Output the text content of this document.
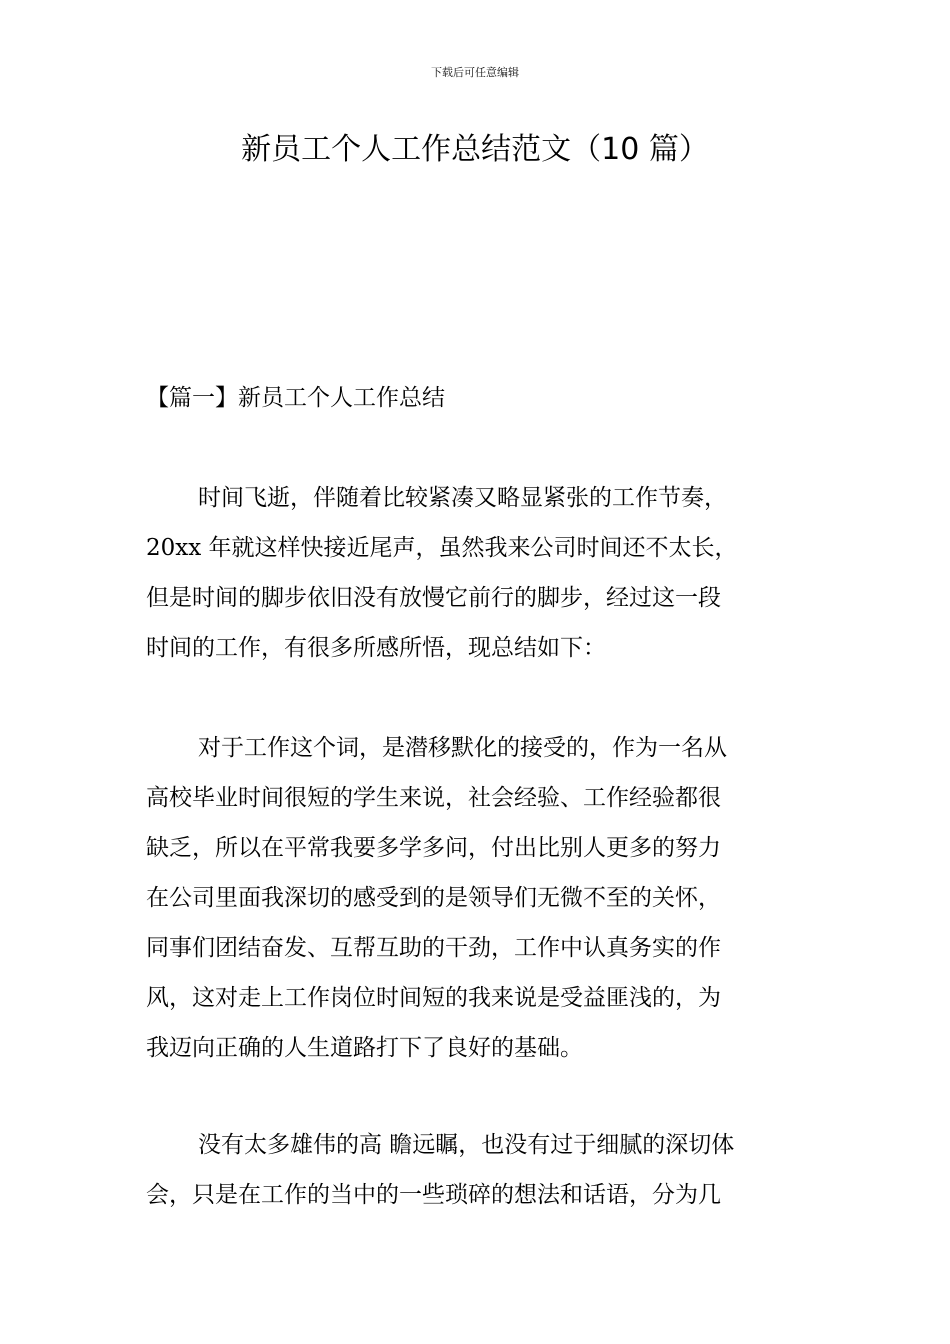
下载后可任意编辑
新员工个人工作总结范文（10 篇）
【篇一】新员工个人工作总结
时间飞逝，伴随着比较紧凑又略显紧张的工作节奏，
20xx 年就这样快接近尾声，虽然我来公司时间还不太长，
但是时间的脚步依旧没有放慢它前行的脚步，经过这一段
时间的工作，有很多所感所悟，现总结如下：
对于工作这个词，是潜移默化的接受的，作为一名从
高校毕业时间很短的学生来说，社会经验、工作经验都很
缺乏，所以在平常我要多学多问，付出比别人更多的努力
在公司里面我深切的感受到的是领导们无微不至的关怀，
同事们团结奋发、互帮互助的干劲，工作中认真务实的作
风，这对走上工作岗位时间短的我来说是受益匪浅的，为
我迈向正确的人生道路打下了良好的基础。
没有太多雄伟的高 瞻远瞩，也没有过于细腻的深切体
会，只是在工作的当中的一些琐碎的想法和话语，分为几
